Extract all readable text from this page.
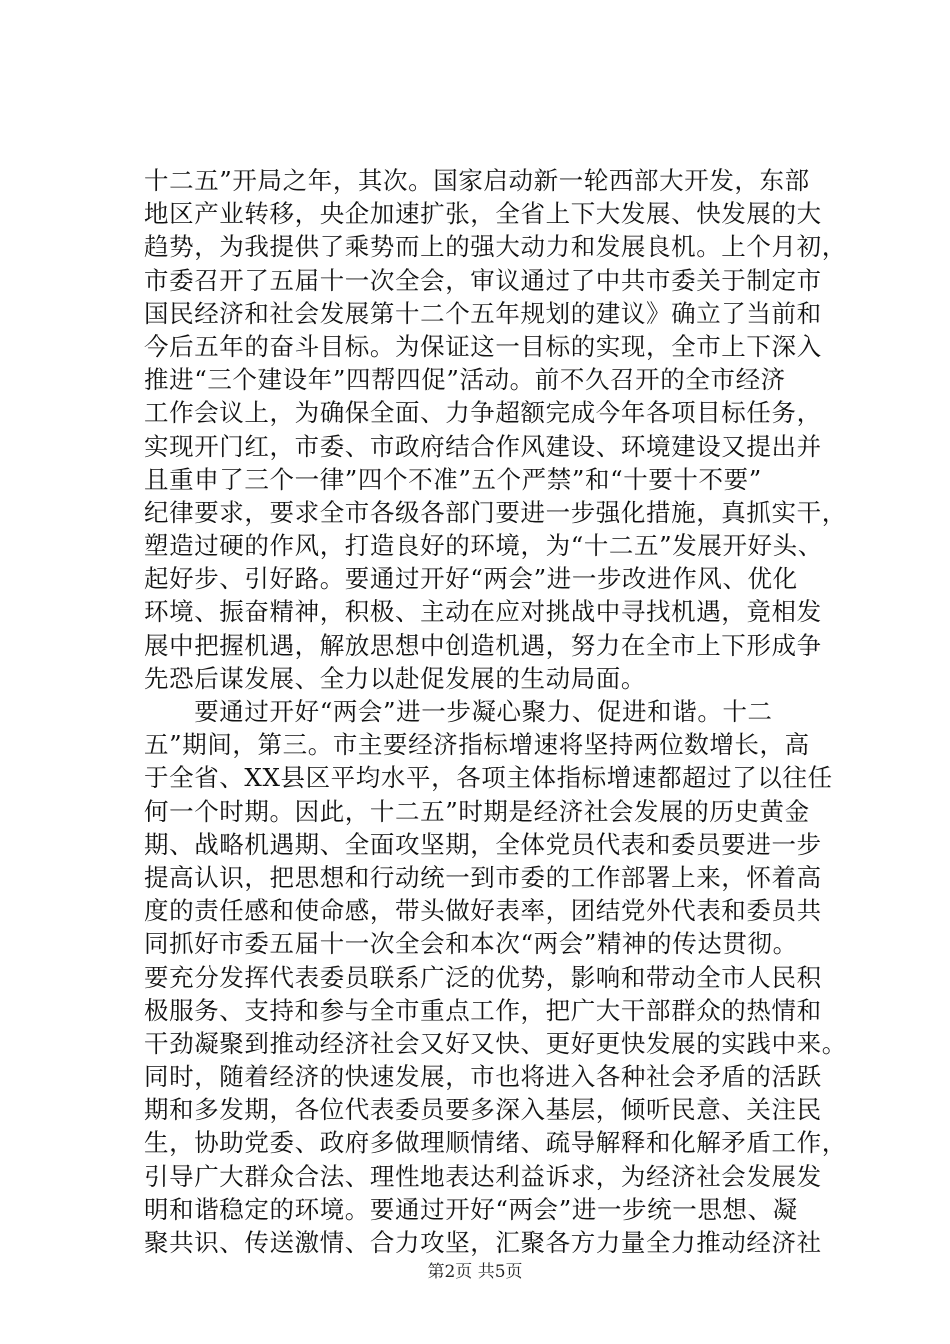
十二五”开局之年，其次。国家启动新一轮西部大开发，东部
地区产业转移，央企加速扩张，全省上下大发展、快发展的大
趋势，为我提供了乘势而上的强大动力和发展良机。上个月初，
市委召开了五届十一次全会，审议通过了中共市委关于制定市
国民经济和社会发展第十二个五年规划的建议》确立了当前和
今后五年的奋斗目标。为保证这一目标的实现，全市上下深入
推进“三个建设年”四帮四促”活动。前不久召开的全市经济
工作会议上，为确保全面、力争超额完成今年各项目标任务，
实现开门红，市委、市政府结合作风建设、环境建设又提出并
且重申了三个一律”四个不准”五个严禁”和“十要十不要”
纪律要求，要求全市各级各部门要进一步强化措施，真抓实干，
塑造过硬的作风，打造良好的环境，为“十二五”发展开好头、
起好步、引好路。要通过开好“两会”进一步改进作风、优化
环境、振奋精神，积极、主动在应对挑战中寻找机遇，竟相发
展中把握机遇，解放思想中创造机遇，努力在全市上下形成争
先恐后谋发展、全力以赴促发展的生动局面。
　　要通过开好“两会”进一步凝心聚力、促进和谐。十二
五”期间，第三。市主要经济指标增速将坚持两位数增长，高
于全省、XX县区平均水平，各项主体指标增速都超过了以往任
何一个时期。因此，十二五”时期是经济社会发展的历史黄金
期、战略机遇期、全面攻坚期，全体党员代表和委员要进一步
提高认识，把思想和行动统一到市委的工作部署上来，怀着高
度的责任感和使命感，带头做好表率，团结党外代表和委员共
同抓好市委五届十一次全会和本次“两会”精神的传达贯彻。
要充分发挥代表委员联系广泛的优势，影响和带动全市人民积
极服务、支持和参与全市重点工作，把广大干部群众的热情和
干劲凝聚到推动经济社会又好又快、更好更快发展的实践中来。
同时，随着经济的快速发展，市也将进入各种社会矛盾的活跃
期和多发期，各位代表委员要多深入基层，倾听民意、关注民
生，协助党委、政府多做理顺情绪、疏导解释和化解矛盾工作，
引导广大群众合法、理性地表达利益诉求，为经济社会发展发
明和谐稳定的环境。要通过开好“两会”进一步统一思想、凝
聚共识、传送激情、合力攻坚，汇聚各方力量全力推动经济社
第2页 共5页
